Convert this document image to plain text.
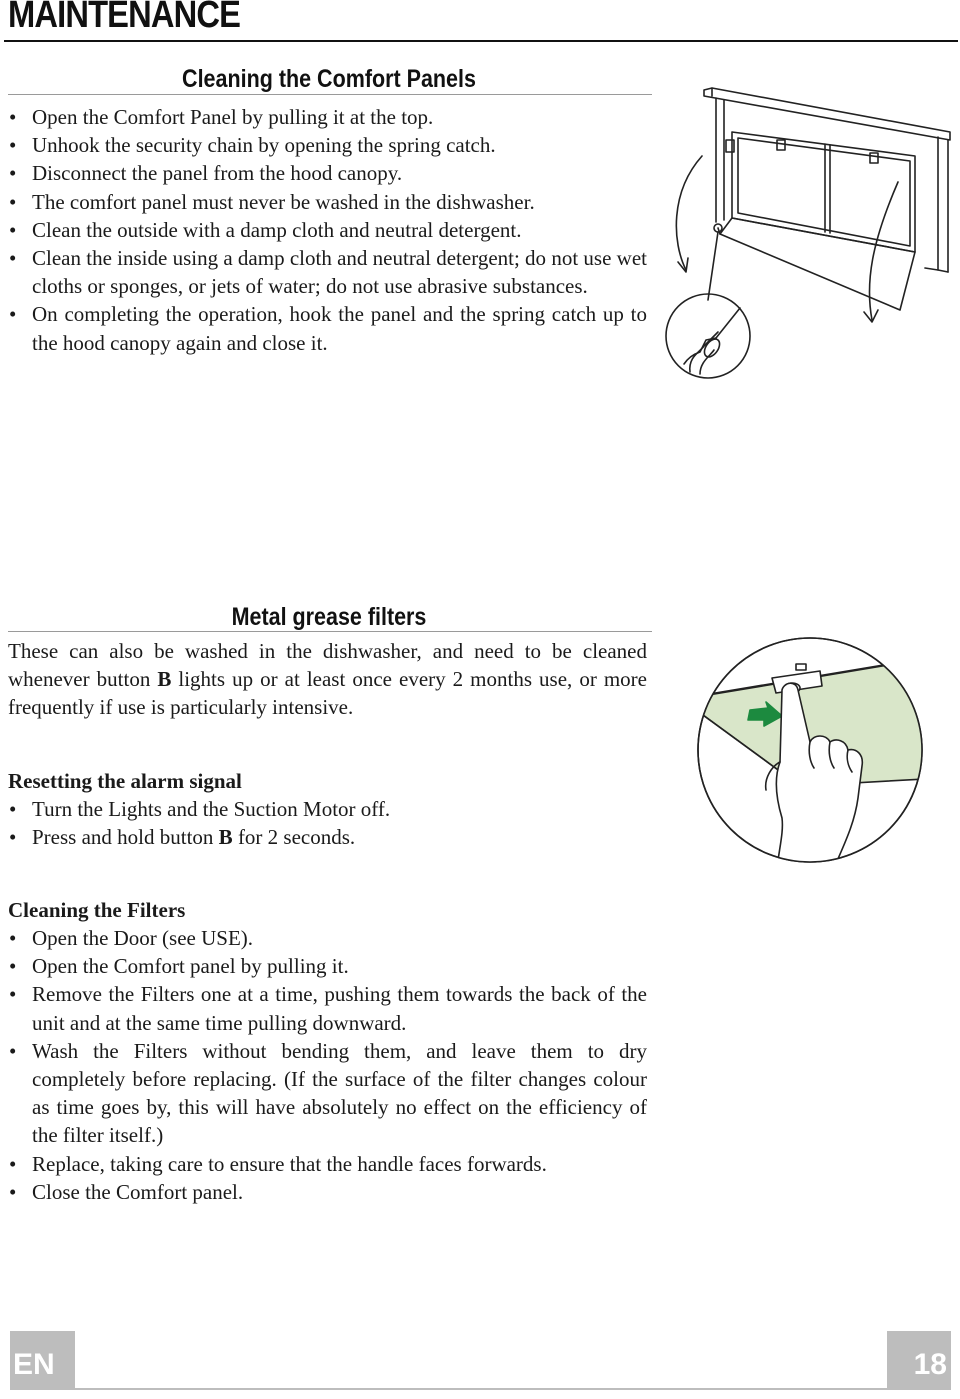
MAINTENANCE
Cleaning the Comfort Panels
• Open the Comfort Panel by pulling it at the top.
• Unhook the security chain by opening the spring catch.
• Disconnect the panel from the hood canopy.
• The comfort panel must never be washed in the dishwasher.
• Clean the outside with a damp cloth and neutral detergent.
• Clean the inside using a damp cloth and neutral detergent; do not use wet cloths or sponges, or jets of water; do not use abrasive substances.
• On completing the operation, hook the panel and the spring catch up to the hood canopy again and close it.
Metal grease filters

These can also be washed in the dishwasher, and need to be cleaned whenever button B lights up or at least once every 2 months use, or more frequently if use is particularly intensive.

Resetting the alarm signal
• Turn the Lights and the Suction Motor off.
• Press and hold button B for 2 seconds.
Cleaning the Filters
• Open the Door (see USE).
• Open the Comfort panel by pulling it.
• Remove the Filters one at a time, pushing them towards the back of the unit and at the same time pulling downward.
• Wash the Filters without bending them, and leave them to dry completely before replacing. (If the surface of the filter changes colour as time goes by, this will have absolutely no effect on the efficiency of the filter itself.)
• Replace, taking care to ensure that the handle faces forwards.
• Close the Comfort panel.
EN	18
